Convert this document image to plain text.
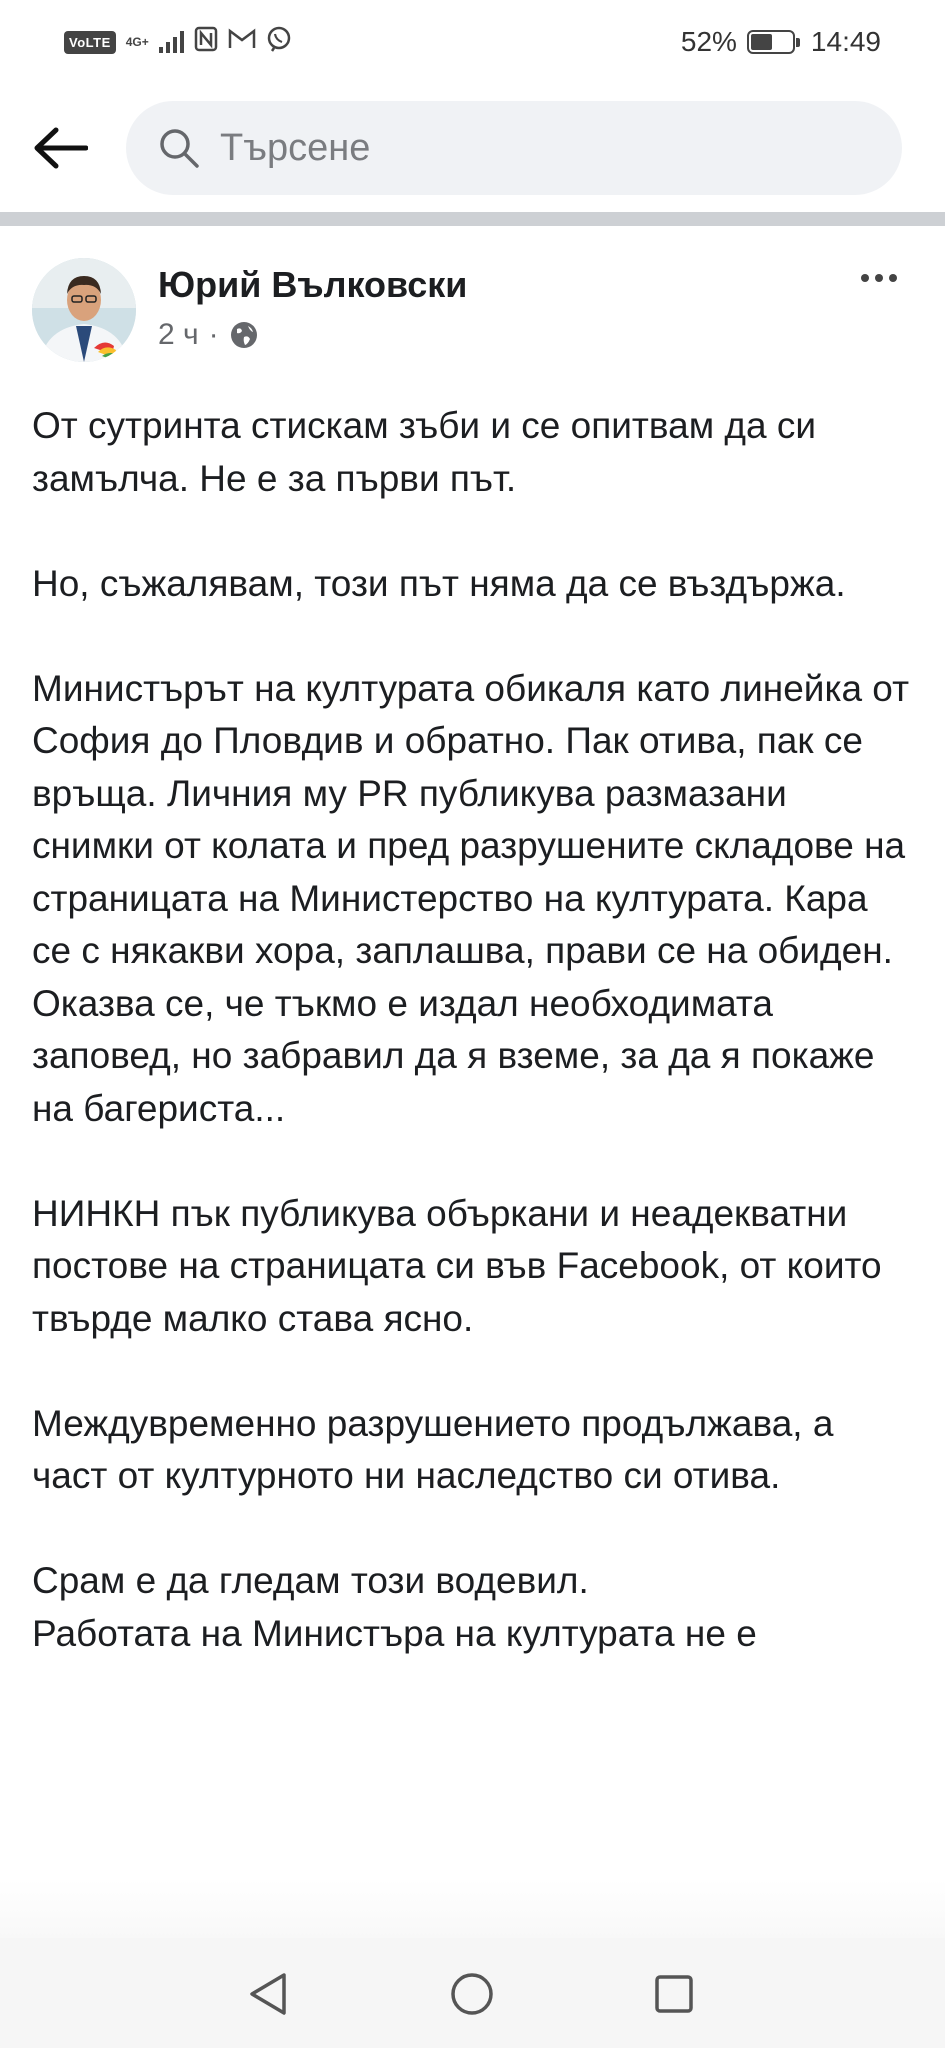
VoLTE	4G+	52%	14:49
Търсене
Юрий Вълковски
2 ч ·

От сутринта стискам зъби и се опитвам да си замълча. Не е за първи път.

Но, съжалявам, този път няма да се въздържа.

Министърът на културата обикаля като линейка от София до Пловдив и обратно. Пак отива, пак се връща. Личния му PR публикува размазани снимки от колата и пред разрушените складове на страницата на Министерство на културата. Кара се с някакви хора, заплашва, прави се на обиден. Оказва се, че тъкмо е издал необходимата заповед, но забравил да я вземе, за да я покаже на багериста...

НИНКН пък публикува объркани и неадекватни постове на страницата си във Facebook, от които твърде малко става ясно.

Междувременно разрушението продължава, а част от културното ни наследство си отива.

Срам е да гледам този водевил.
Работата на Министъра на културата не е
